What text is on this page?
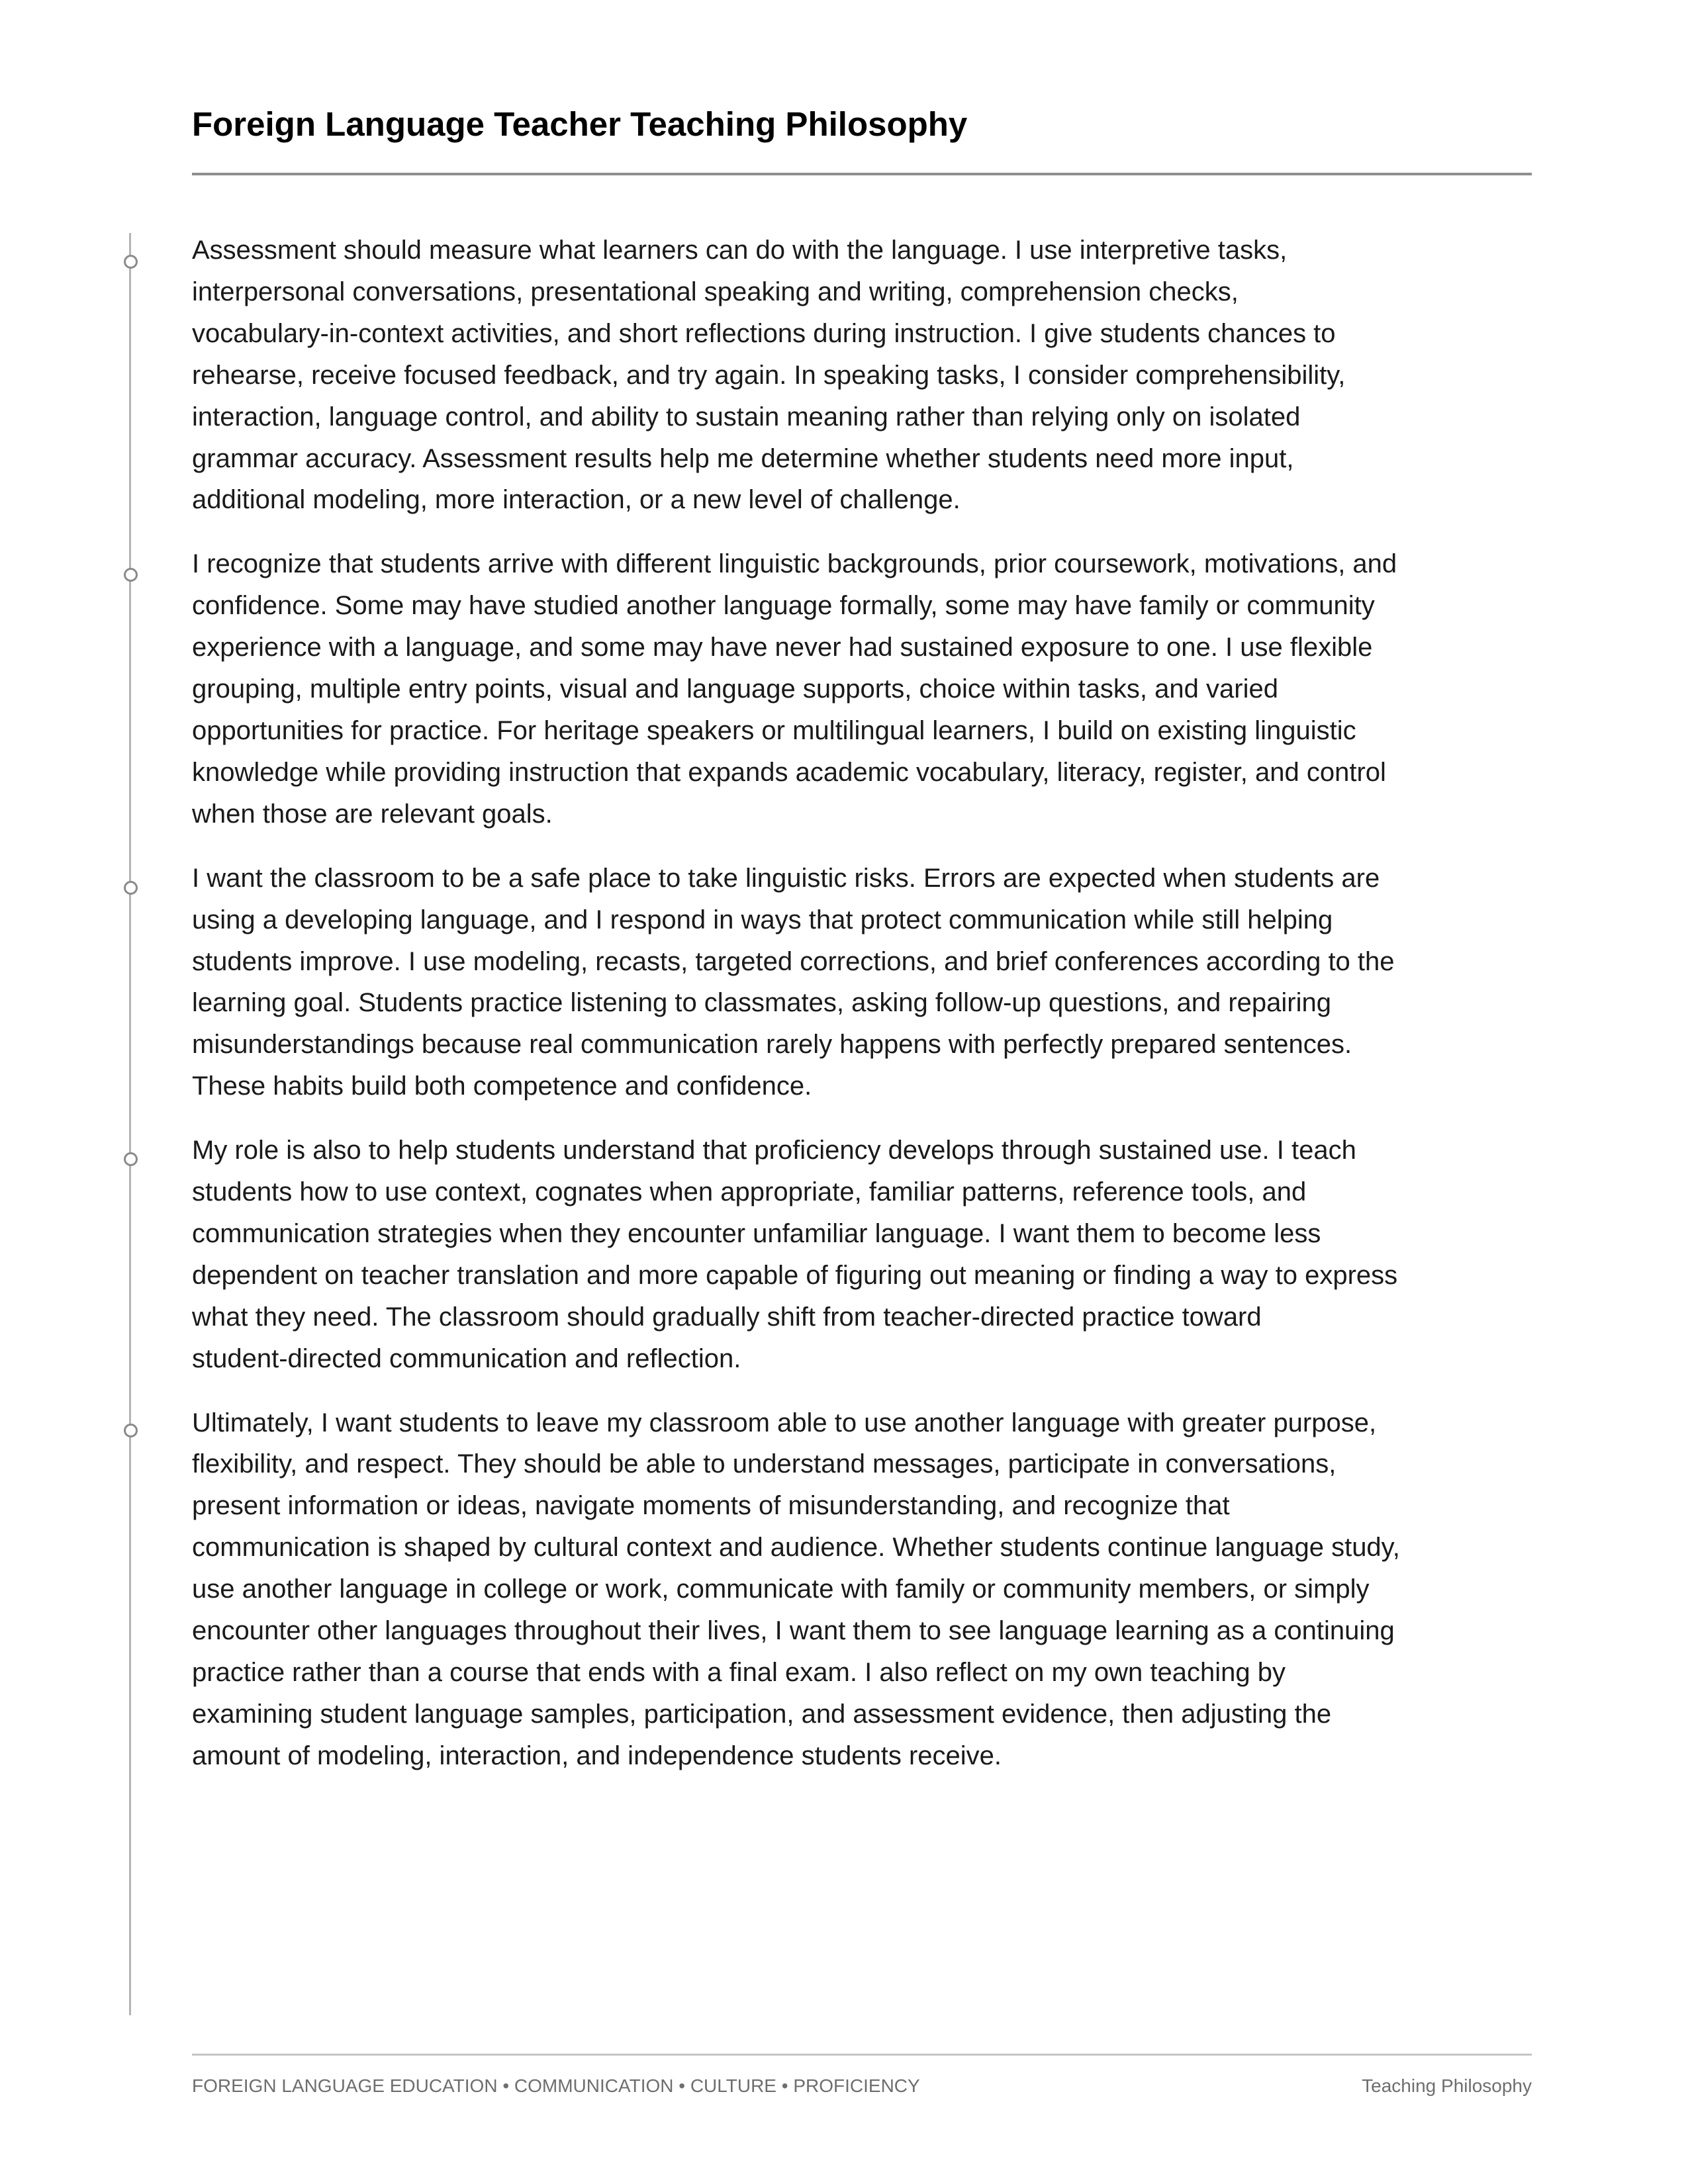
Foreign Language Teacher Teaching Philosophy

Assessment should measure what learners can do with the language. I use interpretive tasks,
interpersonal conversations, presentational speaking and writing, comprehension checks,
vocabulary-in-context activities, and short reflections during instruction. I give students chances to
rehearse, receive focused feedback, and try again. In speaking tasks, I consider comprehensibility,
interaction, language control, and ability to sustain meaning rather than relying only on isolated
grammar accuracy. Assessment results help me determine whether students need more input,
additional modeling, more interaction, or a new level of challenge.

I recognize that students arrive with different linguistic backgrounds, prior coursework, motivations, and
confidence. Some may have studied another language formally, some may have family or community
experience with a language, and some may have never had sustained exposure to one. I use flexible
grouping, multiple entry points, visual and language supports, choice within tasks, and varied
opportunities for practice. For heritage speakers or multilingual learners, I build on existing linguistic
knowledge while providing instruction that expands academic vocabulary, literacy, register, and control
when those are relevant goals.

I want the classroom to be a safe place to take linguistic risks. Errors are expected when students are
using a developing language, and I respond in ways that protect communication while still helping
students improve. I use modeling, recasts, targeted corrections, and brief conferences according to the
learning goal. Students practice listening to classmates, asking follow-up questions, and repairing
misunderstandings because real communication rarely happens with perfectly prepared sentences.
These habits build both competence and confidence.

My role is also to help students understand that proficiency develops through sustained use. I teach
students how to use context, cognates when appropriate, familiar patterns, reference tools, and
communication strategies when they encounter unfamiliar language. I want them to become less
dependent on teacher translation and more capable of figuring out meaning or finding a way to express
what they need. The classroom should gradually shift from teacher-directed practice toward
student-directed communication and reflection.

Ultimately, I want students to leave my classroom able to use another language with greater purpose,
flexibility, and respect. They should be able to understand messages, participate in conversations,
present information or ideas, navigate moments of misunderstanding, and recognize that
communication is shaped by cultural context and audience. Whether students continue language study,
use another language in college or work, communicate with family or community members, or simply
encounter other languages throughout their lives, I want them to see language learning as a continuing
practice rather than a course that ends with a final exam. I also reflect on my own teaching by
examining student language samples, participation, and assessment evidence, then adjusting the
amount of modeling, interaction, and independence students receive.

FOREIGN LANGUAGE EDUCATION • COMMUNICATION • CULTURE • PROFICIENCY	Teaching Philosophy
